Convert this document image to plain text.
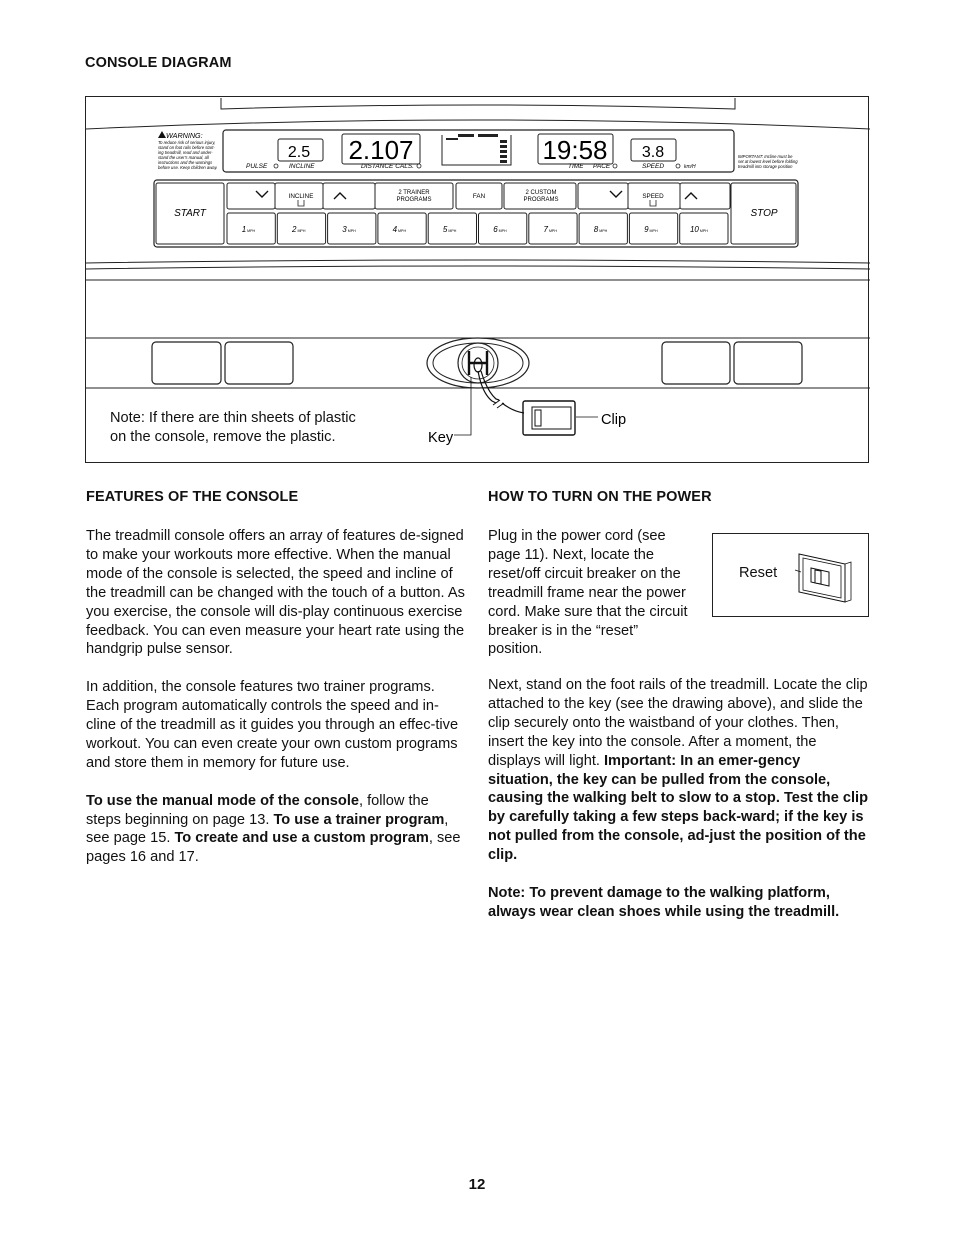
CONSOLE DIAGRAM
WARNING:
To reduce risk of serious injury,
stand on foot rails before start-
ing treadmill, read and under-
stand the user's manual, all
instructions and the warnings
before use. Keep children away.
2.5
PULSE	INCLINE
2.107
DISTANCE CALS.
19:58
TIME PACE
3.8
SPEED	km/H
IMPORTANT: Incline must be
set at lowest level before folding
treadmill into storage position
START	STOP
INCLINE	2 TRAINER
PROGRAMS	FAN	2 CUSTOM
PROGRAMS	SPEED
1 MPH	2 MPH	3 MPH	4 MPH	5 MPH	6 MPH	7 MPH	8 MPH	9 MPH	10 MPH
Key
Clip
Note: If there are thin sheets of plastic
on the console, remove the plastic.
FEATURES OF THE CONSOLE

The treadmill console offers an array of features de-signed to make your workouts more effective. When the manual mode of the console is selected, the speed and incline of the treadmill can be changed with the touch of a button. As you exercise, the console will dis-play continuous exercise feedback. You can even measure your heart rate using the handgrip pulse sensor.

In addition, the console features two trainer programs. Each program automatically controls the speed and in-cline of the treadmill as it guides you through an effec-tive workout. You can even create your own custom programs and store them in memory for future use.

To use the manual mode of the console, follow the steps beginning on page 13. To use a trainer program, see page 15. To create and use a custom program, see pages 16 and 17.

HOW TO TURN ON THE POWER
Plug in the power cord (see page 11). Next, locate the reset/off circuit breaker on the treadmill frame near the power cord. Make sure that the circuit breaker is in the “reset” position.
Reset

Next, stand on the foot rails of the treadmill. Locate the clip attached to the key (see the drawing above), and slide the clip securely onto the waistband of your clothes. Then, insert the key into the console. After a moment, the displays will light. Important: In an emer-gency situation, the key can be pulled from the console, causing the walking belt to slow to a stop. Test the clip by carefully taking a few steps back-ward; if the key is not pulled from the console, ad-just the position of the clip.

Note: To prevent damage to the walking platform, always wear clean shoes while using the treadmill.

12
